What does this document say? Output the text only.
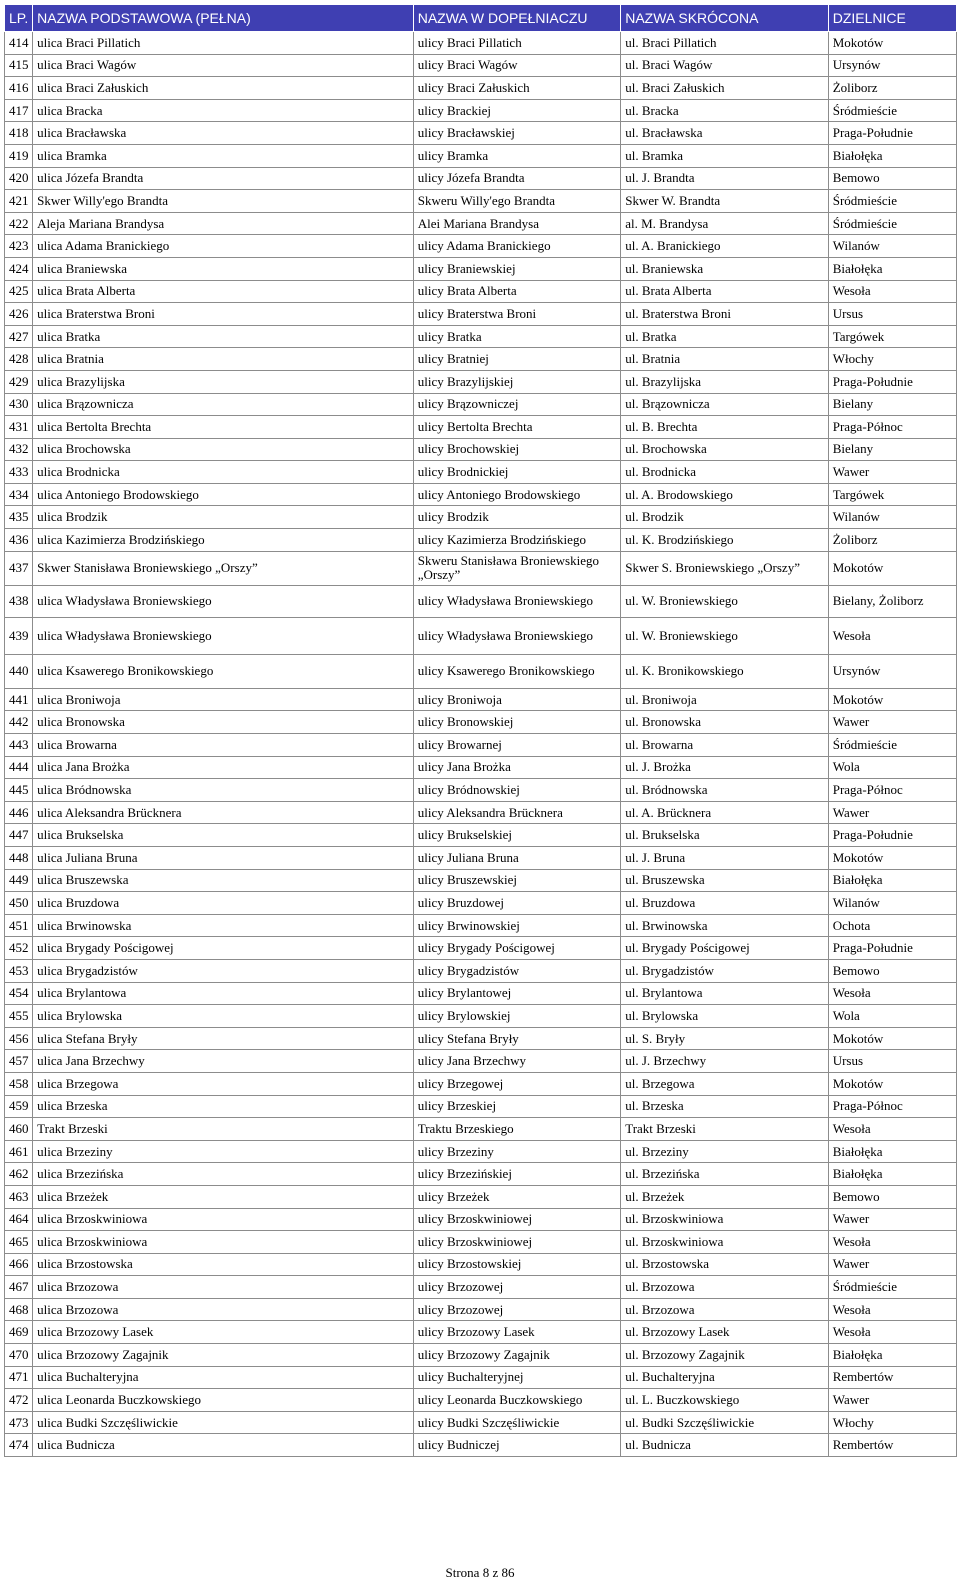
LP.	NAZWA PODSTAWOWA (PEŁNA)	NAZWA W DOPEŁNIACZU	NAZWA SKRÓCONA	DZIELNICE
414	ulica Braci Pillatich	ulicy Braci Pillatich	ul. Braci Pillatich	Mokotów
415	ulica Braci Wagów	ulicy Braci Wagów	ul. Braci Wagów	Ursynów
416	ulica Braci Załuskich	ulicy Braci Załuskich	ul. Braci Załuskich	Żoliborz
417	ulica Bracka	ulicy Brackiej	ul. Bracka	Śródmieście
418	ulica Bracławska	ulicy Bracławskiej	ul. Bracławska	Praga-Południe
419	ulica Bramka	ulicy Bramka	ul. Bramka	Białołęka
420	ulica Józefa Brandta	ulicy Józefa Brandta	ul. J. Brandta	Bemowo
421	Skwer Willy'ego Brandta	Skweru Willy'ego Brandta	Skwer W. Brandta	Śródmieście
422	Aleja Mariana Brandysa	Alei Mariana Brandysa	al. M. Brandysa	Śródmieście
423	ulica Adama Branickiego	ulicy Adama Branickiego	ul. A. Branickiego	Wilanów
424	ulica Braniewska	ulicy Braniewskiej	ul. Braniewska	Białołęka
425	ulica Brata Alberta	ulicy Brata Alberta	ul. Brata Alberta	Wesoła
426	ulica Braterstwa Broni	ulicy Braterstwa Broni	ul. Braterstwa Broni	Ursus
427	ulica Bratka	ulicy Bratka	ul. Bratka	Targówek
428	ulica Bratnia	ulicy Bratniej	ul. Bratnia	Włochy
429	ulica Brazylijska	ulicy Brazylijskiej	ul. Brazylijska	Praga-Południe
430	ulica Brązownicza	ulicy Brązowniczej	ul. Brązownicza	Bielany
431	ulica Bertolta Brechta	ulicy Bertolta Brechta	ul. B. Brechta	Praga-Północ
432	ulica Brochowska	ulicy Brochowskiej	ul. Brochowska	Bielany
433	ulica Brodnicka	ulicy Brodnickiej	ul. Brodnicka	Wawer
434	ulica Antoniego Brodowskiego	ulicy Antoniego Brodowskiego	ul. A. Brodowskiego	Targówek
435	ulica Brodzik	ulicy Brodzik	ul. Brodzik	Wilanów
436	ulica Kazimierza Brodzińskiego	ulicy Kazimierza Brodzińskiego	ul. K. Brodzińskiego	Żoliborz
437	Skwer Stanisława Broniewskiego „Orszy”	Skweru Stanisława Broniewskiego „Orszy”	Skwer S. Broniewskiego „Orszy”	Mokotów
438	ulica Władysława Broniewskiego	ulicy Władysława Broniewskiego	ul. W. Broniewskiego	Bielany, Żoliborz
439	ulica Władysława Broniewskiego	ulicy Władysława Broniewskiego	ul. W. Broniewskiego	Wesoła
440	ulica Ksawerego Bronikowskiego	ulicy Ksawerego Bronikowskiego	ul. K. Bronikowskiego	Ursynów
441	ulica Broniwoja	ulicy Broniwoja	ul. Broniwoja	Mokotów
442	ulica Bronowska	ulicy Bronowskiej	ul. Bronowska	Wawer
443	ulica Browarna	ulicy Browarnej	ul. Browarna	Śródmieście
444	ulica Jana Brożka	ulicy Jana Brożka	ul. J. Brożka	Wola
445	ulica Bródnowska	ulicy Bródnowskiej	ul. Bródnowska	Praga-Północ
446	ulica Aleksandra Brücknera	ulicy Aleksandra Brücknera	ul. A. Brücknera	Wawer
447	ulica Brukselska	ulicy Brukselskiej	ul. Brukselska	Praga-Południe
448	ulica Juliana Bruna	ulicy Juliana Bruna	ul. J. Bruna	Mokotów
449	ulica Bruszewska	ulicy Bruszewskiej	ul. Bruszewska	Białołęka
450	ulica Bruzdowa	ulicy Bruzdowej	ul. Bruzdowa	Wilanów
451	ulica Brwinowska	ulicy Brwinowskiej	ul. Brwinowska	Ochota
452	ulica Brygady Pościgowej	ulicy Brygady Pościgowej	ul. Brygady Pościgowej	Praga-Południe
453	ulica Brygadzistów	ulicy Brygadzistów	ul. Brygadzistów	Bemowo
454	ulica Brylantowa	ulicy Brylantowej	ul. Brylantowa	Wesoła
455	ulica Brylowska	ulicy Brylowskiej	ul. Brylowska	Wola
456	ulica Stefana Bryły	ulicy Stefana Bryły	ul. S. Bryły	Mokotów
457	ulica Jana Brzechwy	ulicy Jana Brzechwy	ul. J. Brzechwy	Ursus
458	ulica Brzegowa	ulicy Brzegowej	ul. Brzegowa	Mokotów
459	ulica Brzeska	ulicy Brzeskiej	ul. Brzeska	Praga-Północ
460	Trakt Brzeski	Traktu Brzeskiego	Trakt Brzeski	Wesoła
461	ulica Brzeziny	ulicy Brzeziny	ul. Brzeziny	Białołęka
462	ulica Brzezińska	ulicy Brzezińskiej	ul. Brzezińska	Białołęka
463	ulica Brzeżek	ulicy Brzeżek	ul. Brzeżek	Bemowo
464	ulica Brzoskwiniowa	ulicy Brzoskwiniowej	ul. Brzoskwiniowa	Wawer
465	ulica Brzoskwiniowa	ulicy Brzoskwiniowej	ul. Brzoskwiniowa	Wesoła
466	ulica Brzostowska	ulicy Brzostowskiej	ul. Brzostowska	Wawer
467	ulica Brzozowa	ulicy Brzozowej	ul. Brzozowa	Śródmieście
468	ulica Brzozowa	ulicy Brzozowej	ul. Brzozowa	Wesoła
469	ulica Brzozowy Lasek	ulicy Brzozowy Lasek	ul. Brzozowy Lasek	Wesoła
470	ulica Brzozowy Zagajnik	ulicy Brzozowy Zagajnik	ul. Brzozowy Zagajnik	Białołęka
471	ulica Buchalteryjna	ulicy Buchalteryjnej	ul. Buchalteryjna	Rembertów
472	ulica Leonarda Buczkowskiego	ulicy Leonarda Buczkowskiego	ul. L. Buczkowskiego	Wawer
473	ulica Budki Szczęśliwickie	ulicy Budki Szczęśliwickie	ul. Budki Szczęśliwickie	Włochy
474	ulica Budnicza	ulicy Budniczej	ul. Budnicza	Rembertów
Strona 8 z 86
